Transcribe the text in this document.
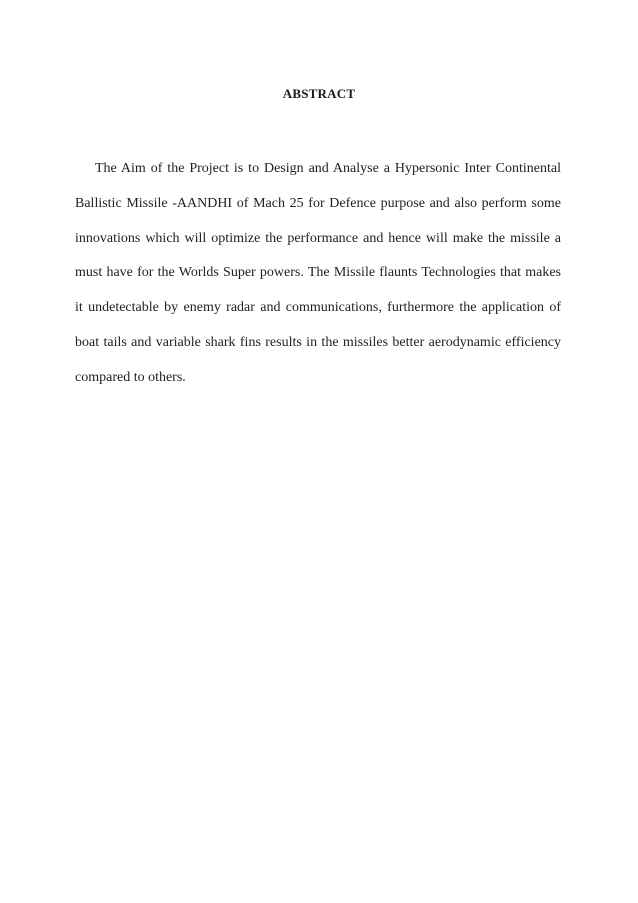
ABSTRACT

The Aim of the Project is to Design and Analyse a Hypersonic Inter Continental Ballistic Missile -AANDHI of Mach 25 for Defence purpose and also perform some innovations which will optimize the performance and hence will make the missile a must have for the Worlds Super powers. The Missile flaunts Technologies that makes it undetectable by enemy radar and communications, furthermore the application of boat tails and variable shark fins results in the missiles better aerodynamic efficiency compared to others.
